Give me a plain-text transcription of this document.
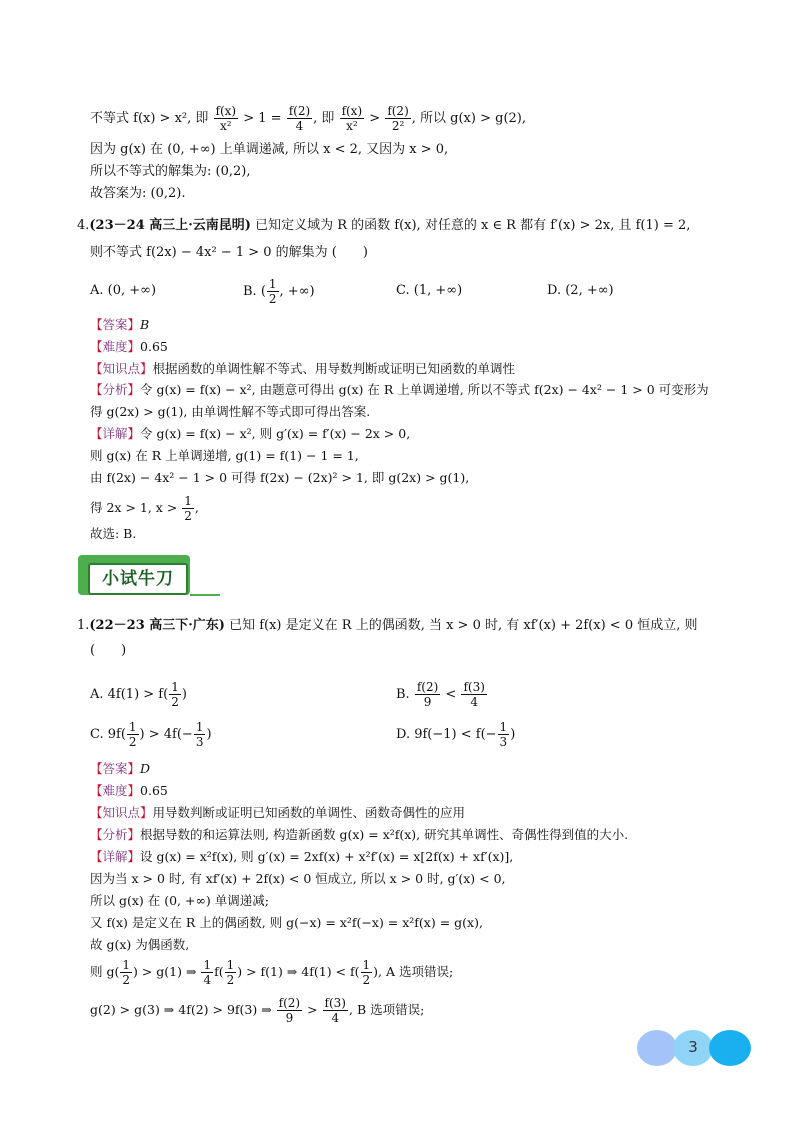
不等式 f(x) > x², 即 $\frac{f(x)}{\text{x²}} > 1 = \frac{f(2)}{4}$ , 即 $\frac{f(x)}{\text{x²}} > \frac{f(2)}{\text{2²}}$ , 所以 g(x) > g(2),
因为 g(x) 在 (0, +∞) 上单调递减, 所以 x < 2, 又因为 x > 0,
所以不等式的解集为: (0,2),
故答案为: (0,2).
4.(23－24 高三上·云南昆明) 已知定义域为 R 的函数 f(x), 对任意的 x ∈ R 都有 f′(x) > 2x, 且 f(1) = 2,
则不等式 f(2x) − 4x² − 1 > 0 的解集为 (　　)
A. (0, +∞)	B. ( $\frac{1}{2}$ , +∞)	C. (1, +∞)	D. (2, +∞)
【答案】B
【难度】0.65
【知识点】根据函数的单调性解不等式、用导数判断或证明已知函数的单调性
【分析】令 g(x) = f(x) − x², 由题意可得出 g(x) 在 R 上单调递增, 所以不等式 f(2x) − 4x² − 1 > 0 可变形为
得 g(2x) > g(1), 由单调性解不等式即可得出答案.
【详解】令 g(x) = f(x) − x², 则 g′(x) = f′(x) − 2x > 0,
则 g(x) 在 R 上单调递增, g(1) = f(1) − 1 = 1,
由 f(2x) − 4x² − 1 > 0 可得 f(2x) − (2x)² > 1, 即 g(2x) > g(1),
得 2x > 1, $x > \frac{1}{2}$ ,
故选: B.
小试牛刀
1.(22－23 高三下·广东) 已知 f(x) 是定义在 R 上的偶函数, 当 x > 0 时, 有 xf′(x) + 2f(x) < 0 恒成立, 则
(　　)
A. $4f(1) > f( \frac{1}{2}$ )	B. $\frac{f(2)}{9} < \frac{f(3)}{4}$
C. $9f( \frac{1}{2}$ ) > $4f(- \frac{1}{3}$ )	D. $9f(-1) < f(- \frac{1}{3}$ )
【答案】D
【难度】0.65
【知识点】用导数判断或证明已知函数的单调性、函数奇偶性的应用
【分析】根据导数的和运算法则, 构造新函数 g(x) = x²f(x), 研究其单调性、奇偶性得到值的大小.
【详解】设 g(x) = x²f(x), 则 g′(x) = 2xf(x) + x²f′(x) = x[2f(x) + xf′(x)],
因为当 x > 0 时, 有 xf′(x) + 2f(x) < 0 恒成立, 所以 x > 0 时, g′(x) < 0,
所以 g(x) 在 (0, +∞) 单调递减;
又 f(x) 是定义在 R 上的偶函数, 则 g(−x) = x²f(−x) = x²f(x) = g(x),
故 g(x) 为偶函数,
则 $g( \frac{1}{2}$ ) > g(1) ⇒ $\frac{1}{4} f( \frac{1}{2}$ ) > f(1) ⇒ $4f(1) < f( \frac{1}{2}$ ), A 选项错误;
g(2) > g(3) ⇒ 4f(2) > 9f(3) ⇒ $\frac{f(2)}{9} > \frac{f(3)}{4}$ , B 选项错误;
3
